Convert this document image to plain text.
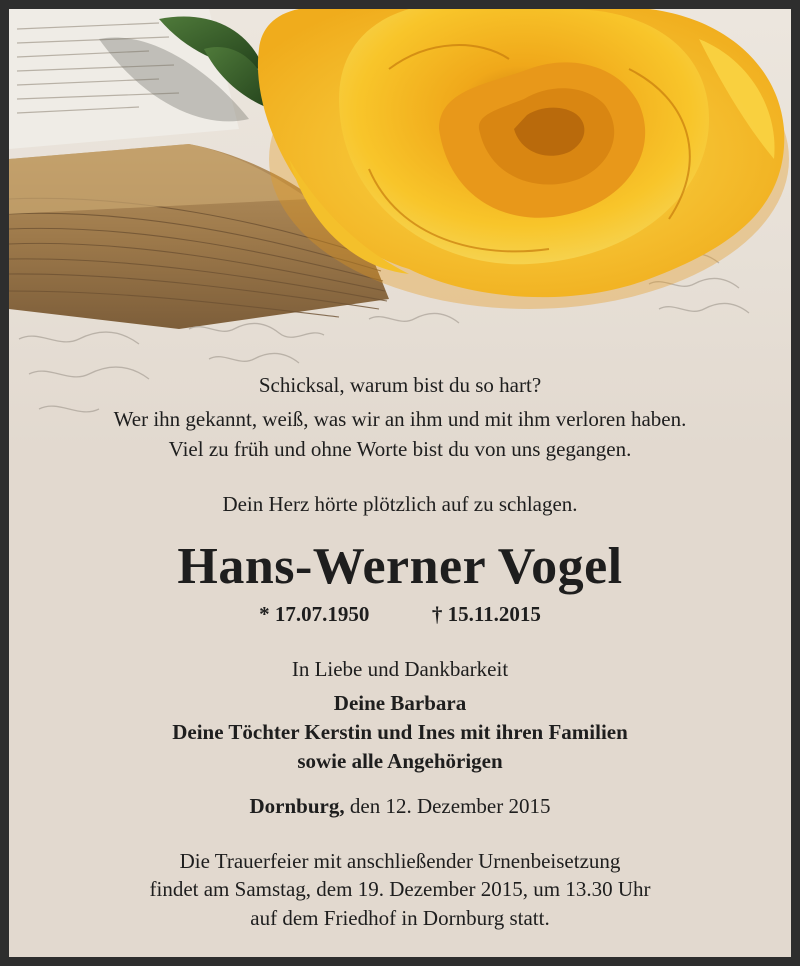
Schicksal, warum bist du so hart?
Wer ihn gekannt, weiß, was wir an ihm und mit ihm verloren haben.
Viel zu früh und ohne Worte bist du von uns gegangen.
Dein Herz hörte plötzlich auf zu schlagen.
Hans-Werner Vogel
* 17.07.1950	† 15.11.2015
In Liebe und Dankbarkeit
Deine Barbara
Deine Töchter Kerstin und Ines mit ihren Familien
sowie alle Angehörigen
Dornburg, den 12. Dezember 2015
Die Trauerfeier mit anschließender Urnenbeisetzung
findet am Samstag, dem 19. Dezember 2015, um 13.30 Uhr
auf dem Friedhof in Dornburg statt.
